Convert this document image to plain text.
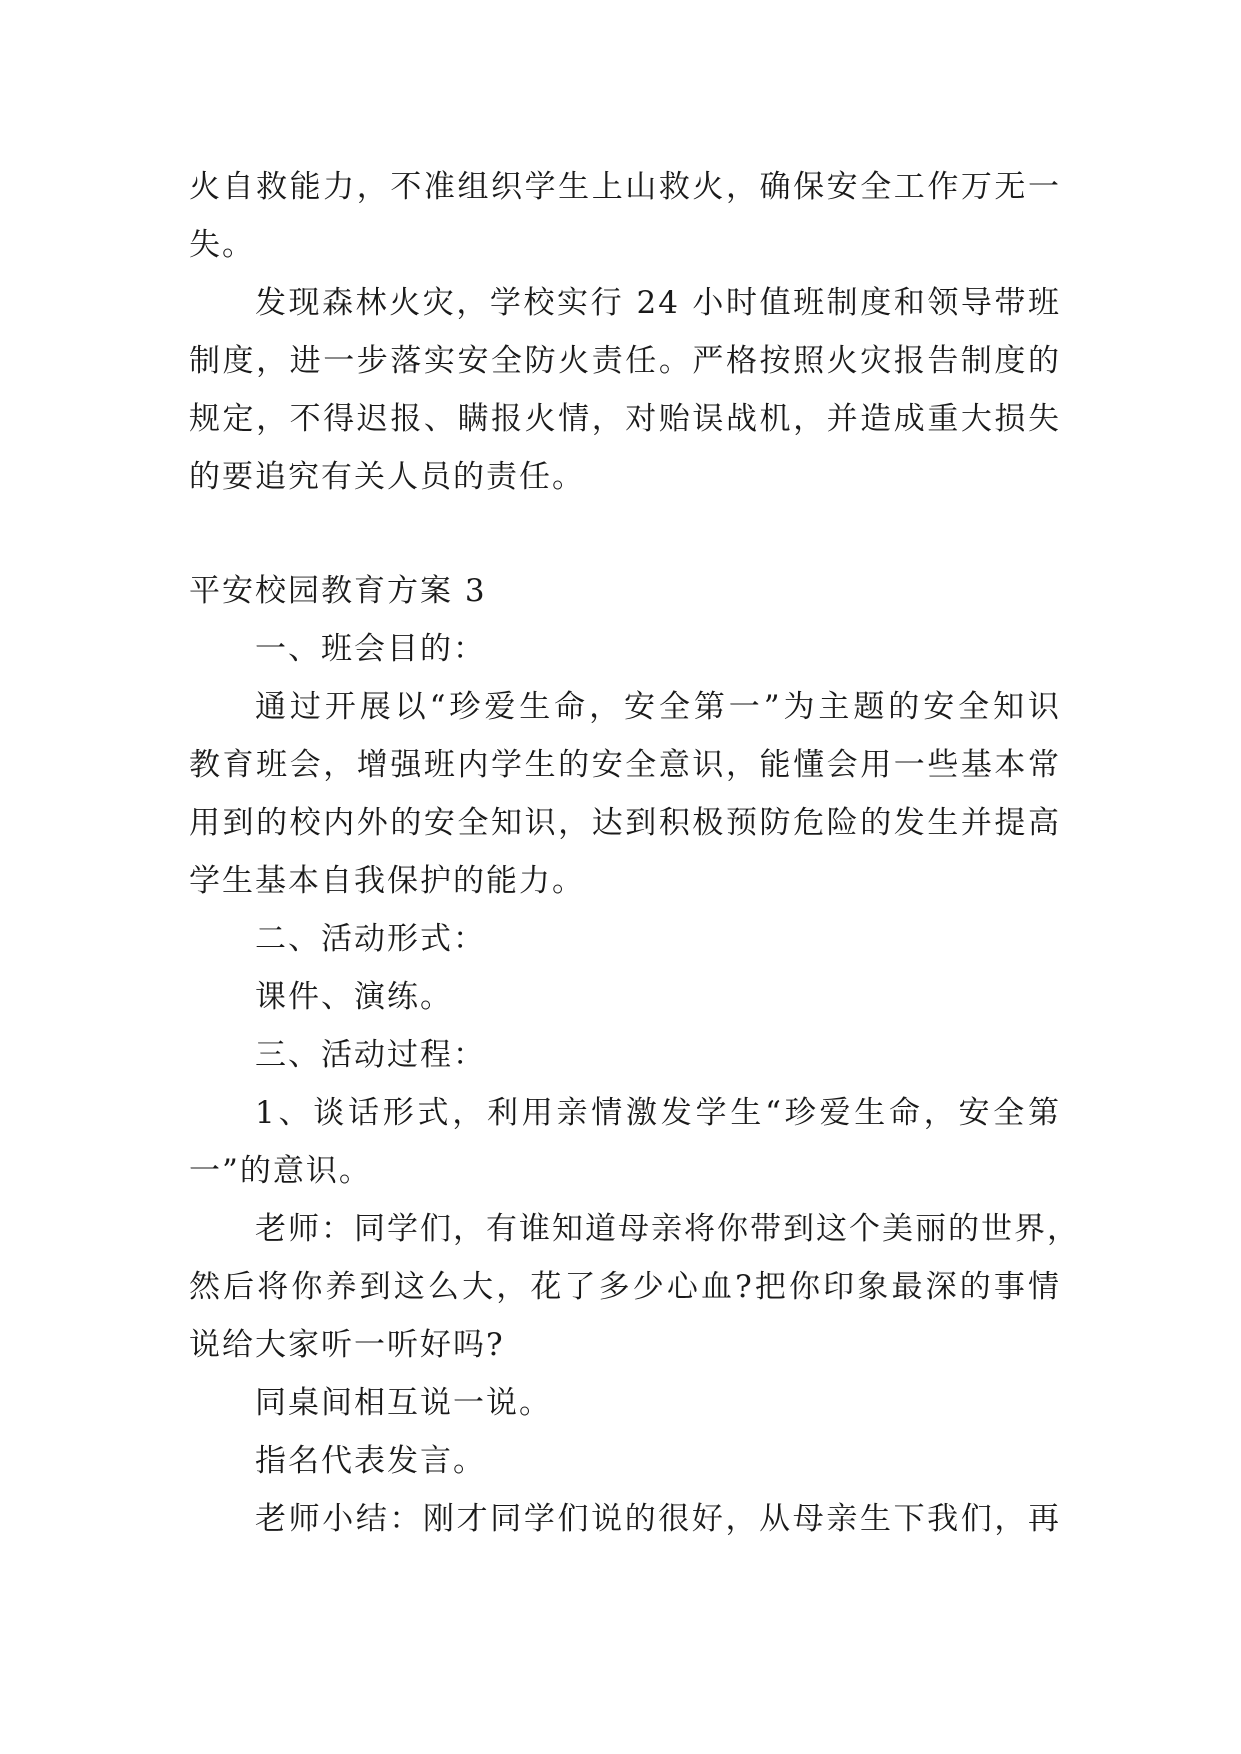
火自救能力，不准组织学生上山救火，确保安全工作万无一
失。
发现森林火灾，学校实行 24 小时值班制度和领导带班
制度，进一步落实安全防火责任。严格按照火灾报告制度的
规定，不得迟报、瞒报火情，对贻误战机，并造成重大损失
的要追究有关人员的责任。
平安校园教育方案 3
一、班会目的：
通过开展以“珍爱生命，安全第一”为主题的安全知识
教育班会，增强班内学生的安全意识，能懂会用一些基本常
用到的校内外的安全知识，达到积极预防危险的发生并提高
学生基本自我保护的能力。
二、活动形式：
课件、演练。
三、活动过程：
1、谈话形式，利用亲情激发学生“珍爱生命，安全第
一”的意识。
老师：同学们，有谁知道母亲将你带到这个美丽的世界，
然后将你养到这么大，花了多少心血?把你印象最深的事情
说给大家听一听好吗?
同桌间相互说一说。
指名代表发言。
老师小结：刚才同学们说的很好，从母亲生下我们，再
